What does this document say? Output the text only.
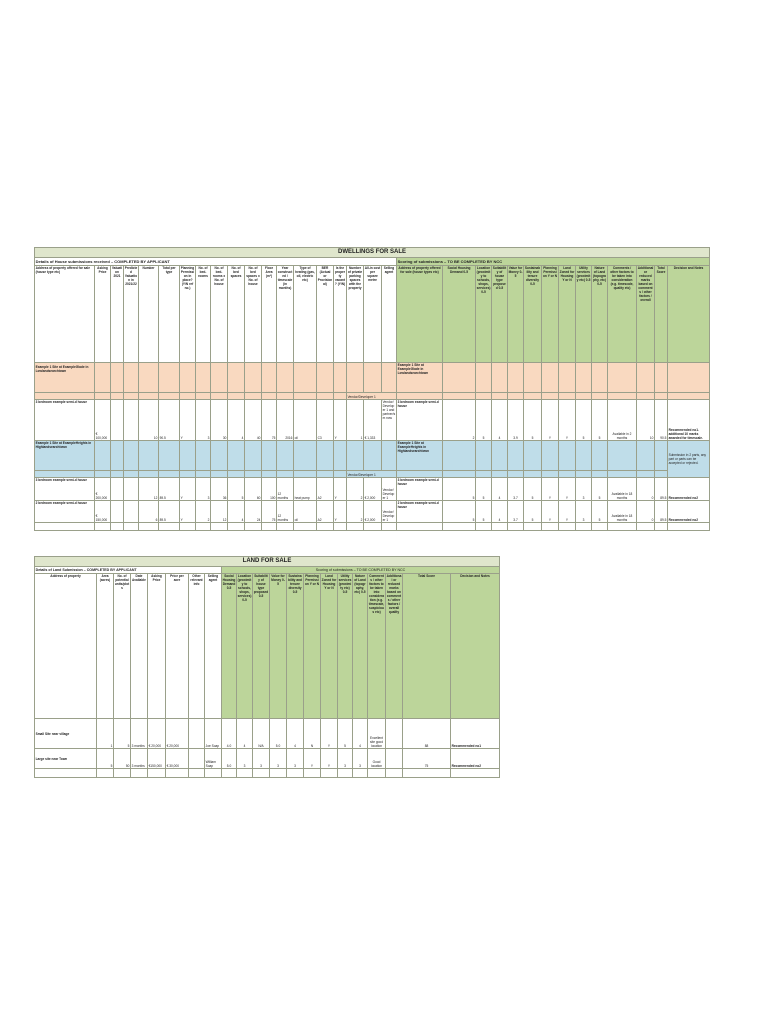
DWELLINGS FOR SALE																																
Details of House submissions received – COMPLETED BY APPLICANT																			Scoring of submissions – TO BE COMPLETED BY NCC													
Address of property offered for sale (house type etc)	Asking Price	Valuation 2021	Predicted Valuation in 2021/22	Number	Total per type	Planning Permission in place? (Y/N ref no.)	No. of bed-rooms	No. of bed-rooms x No. of house	No. of bed spaces	No. of bed spaces x No. of house	Floor Area (m²)	Year constructed / timescale (in months)	Type of heating (gas, oil, electric etc)	BER (Actual or Provisional)	Is the property vacant? (Y/N)	Number of private parking spaces with the property	All-in cost per square metre	Selling agent	Address of property offered for sale (house types etc)	Social Housing Demand 0-5	Location (proximity to schools, shops, services) 0-5	Suitability of house type proposed 0-5	Value for Money 0-5	Sustainability and tenure diversity 0-5	Planning Permission Y or N	Land Zoned for Housing Y or N	Utility services (proximity etc) 0-5	Nature of Land (topography, etc) 0-5	Comments / other factors to be taken into consideration (e.g. timescale, quality etc)	Additional or reduced marks based on comments / other factors / overall	Total Score	Decision and Notes
Example 1 Site at ExampleGlade in Lowlandsearchtown																			Example 1 Site at ExampleGlade in Lowlandsearchtown													
																Vendor/Developer 1																
3 bedroom example semi-d house	€ 100,000			10	90.5	Y	3	30	4	40	75	2016	oil	C3	Y	1	€ 1,333	Vendor/Developer 1 and partner/sm now	3 bedroom example semi-d house	2	5	4	3.9	5	Y	Y	5	5	Available in 2 months	10	90.5	Recommended no1. additional 10 marks awarded for timescale.
Example 1 Site at ExampleHeights in Highlandsearchtown																			Example 1 Site at ExampleHeights in Highlandsearchtown													Submission in 2 parts, any part or parts can be accepted or rejected.
																Vendor/Developer 1																
3 bedroom example semi-d house	€ 200,000			12	89.5	Y	3	36	5	60	100	12 months	heat pump	A2	Y	2	€ 2,000	Vendor/Developer 1	3 bedroom example semi-d house	5	5	4	3.7	5	Y	Y	3	5	Available in 18 months	0	89.5	Recommended no2
2 bedroom example semi-d house	€ 150,000			6	89.5	Y	2	12	4	24	75	12 months	oil	A2	Y	2	€ 2,000	Vendor/Developer 1	2 bedroom example semi-d house	5	5	4	3.7	5	Y	Y	3	5	Available in 18 months	0	89.5	Recommended no2

LAND FOR SALE																				
Details of Land Submission – COMPLETED BY APPLICANT								Scoring of submissions – TO BE COMPLETED BY NCC												
Address of property	Area (acres)	No. of potential units/plots	Date Available	Asking Price	Price per acre	Other relevant info	Selling agent	Social Housing Demand 0-5	Location (proximity to schools, shops, services) 0-5	Suitability of house type proposed 0-5	Value for Money 0-5	Sustainability and tenure diversity 0-5	Planning Permission Y or N	Land Zoned for Housing Y or N	Utility services (proximity etc) 0-5	Nature of Land (topography, etc) 0-5	Comments / other factors to be taken into consideration (e.g. timescale, suspicious etc)	Additional or reduced marks based on comments / other factors / overall quality	Total Score	Decision and Notes
Small Site near village	1	5	3 months	€ 20,000	€ 20,000		Joe Soap	4.0	4	N/A	5.0	4	N	Y	5	4	Excellent site good location		88	Recommended no1
Large site near Town	5	50	3 months	€150,000	€ 30,000		William Soap	5.0	3	3	3	3	Y	Y	3	3	Good location		75	Recommended no2
